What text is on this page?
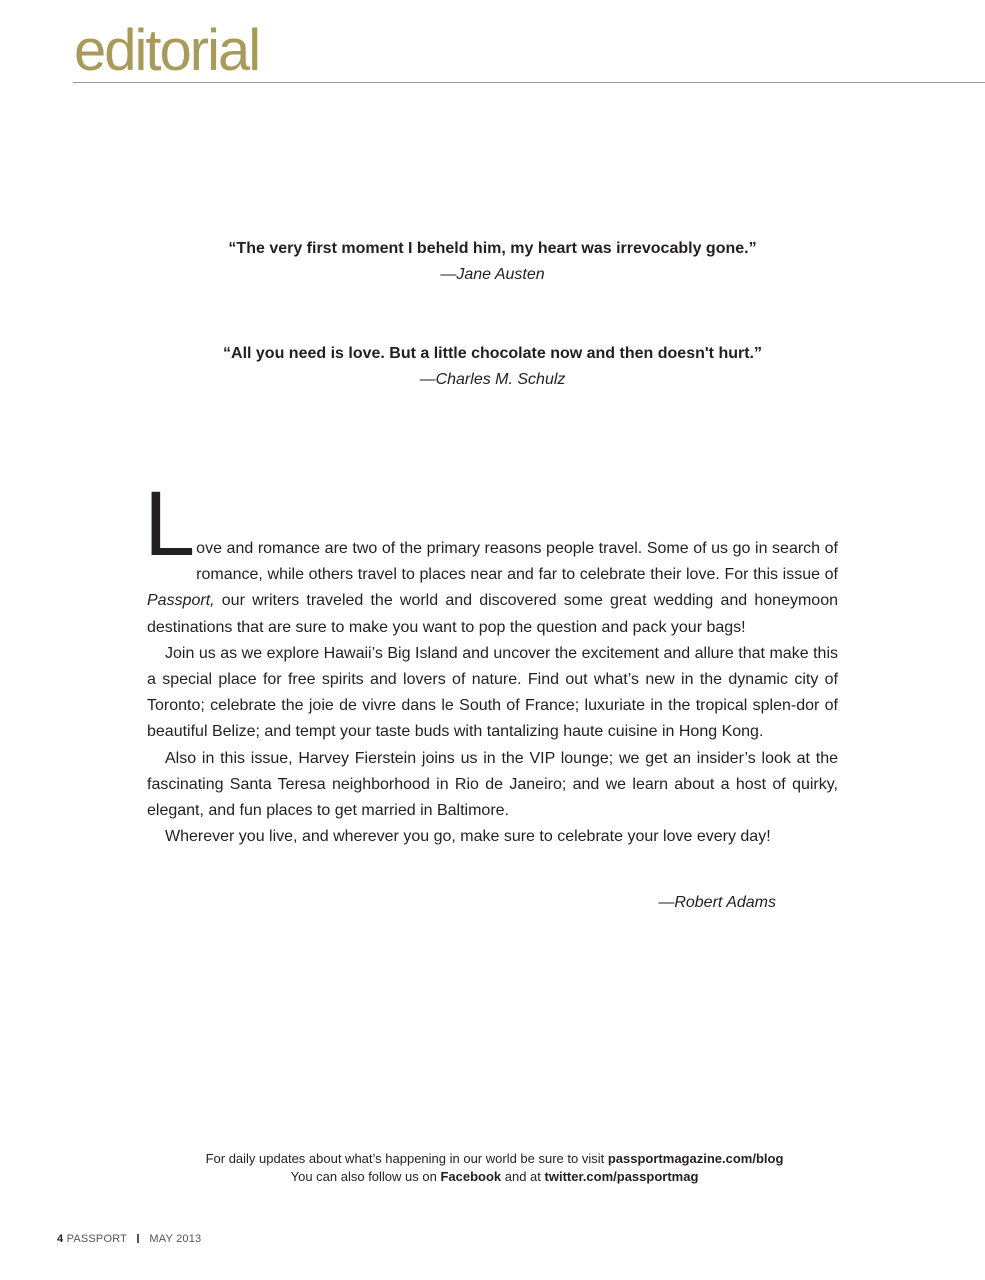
editorial
“The very first moment I beheld him, my heart was irrevocably gone.”
—Jane Austen
“All you need is love. But a little chocolate now and then doesn't hurt.”
—Charles M. Schulz

L ove and romance are two of the primary reasons people travel. Some of us go in search of romance, while others travel to places near and far to celebrate their love. For this issue of Passport, our writers traveled the world and discovered some great wedding and honeymoon destinations that are sure to make you want to pop the question and pack your bags!

Join us as we explore Hawaii’s Big Island and uncover the excitement and allure that make this a special place for free spirits and lovers of nature. Find out what’s new in the dynamic city of Toronto; celebrate the joie de vivre dans le South of France; luxuriate in the tropical splen-dor of beautiful Belize; and tempt your taste buds with tantalizing haute cuisine in Hong Kong.

Also in this issue, Harvey Fierstein joins us in the VIP lounge; we get an insider’s look at the fascinating Santa Teresa neighborhood in Rio de Janeiro; and we learn about a host of quirky, elegant, and fun places to get married in Baltimore.

Wherever you live, and wherever you go, make sure to celebrate your love every day!

—Robert Adams
For daily updates about what’s happening in our world be sure to visit passportmagazine.com/blog
You can also follow us on Facebook and at twitter.com/passportmag
4 PASSPORT MAY 2013
